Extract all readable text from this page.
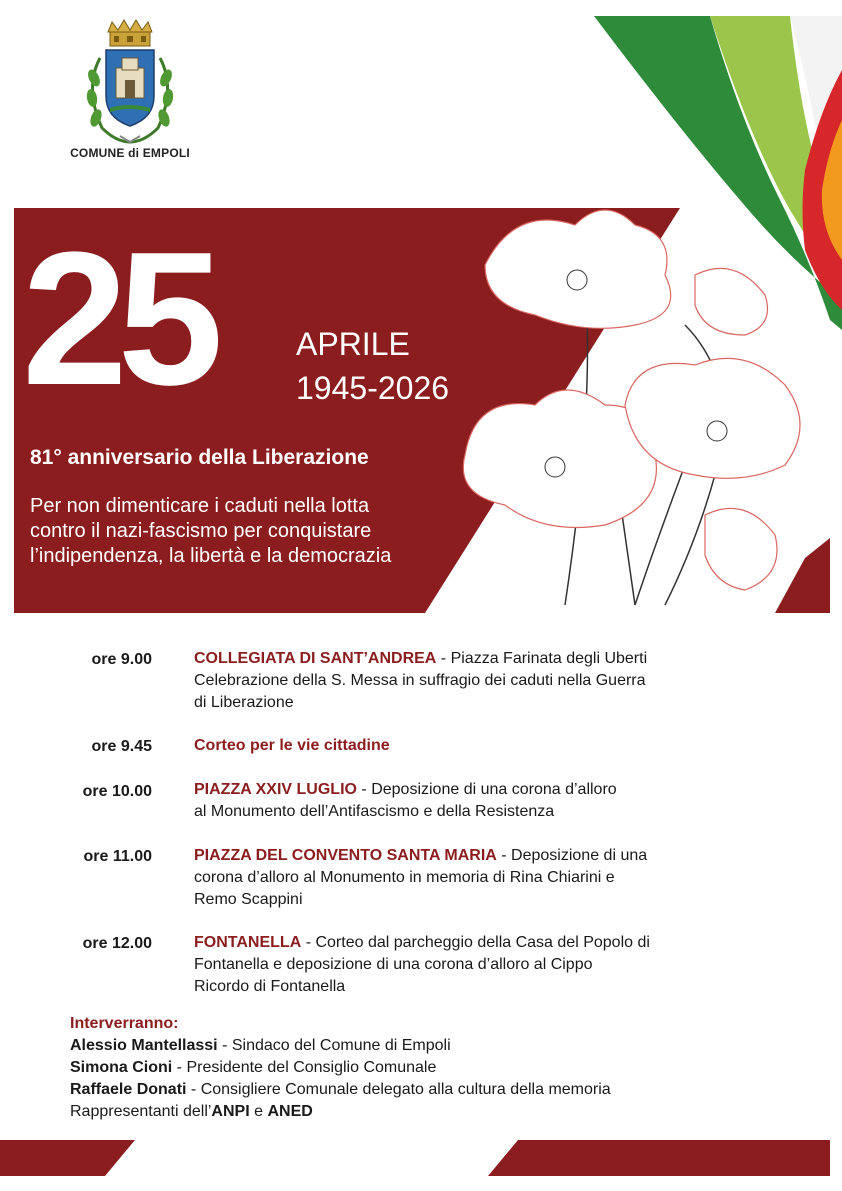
COMUNE di EMPOLI
25	APRILE
1945-2026
81° anniversario della Liberazione
Per non dimenticare i caduti nella lotta
contro il nazi-fascismo per conquistare
l’indipendenza, la libertà e la democrazia
ore 9.00	COLLEGIATA DI SANT’ANDREA - Piazza Farinata degli Uberti
Celebrazione della S. Messa in suffragio dei caduti nella Guerra
di Liberazione
ore 9.45	Corteo per le vie cittadine
ore 10.00	PIAZZA XXIV LUGLIO - Deposizione di una corona d’alloro
al Monumento dell’Antifascismo e della Resistenza
ore 11.00	PIAZZA DEL CONVENTO SANTA MARIA - Deposizione di una
corona d’alloro al Monumento in memoria di Rina Chiarini e
Remo Scappini
ore 12.00	FONTANELLA - Corteo dal parcheggio della Casa del Popolo di
Fontanella e deposizione di una corona d’alloro al Cippo
Ricordo di Fontanella
Interverranno:
Alessio Mantellassi - Sindaco del Comune di Empoli
Simona Cioni - Presidente del Consiglio Comunale
Raffaele Donati - Consigliere Comunale delegato alla cultura della memoria
Rappresentanti dell’ANPI e ANED
